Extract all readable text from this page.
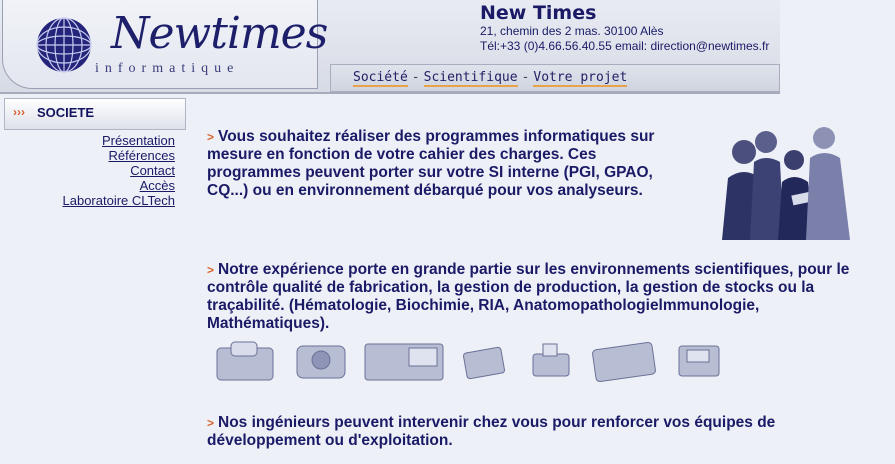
Newtimes
informatique
New Times
21, chemin des 2 mas. 30100 Alès
Tél:+33 (0)4.66.56.40.55 email: direction@newtimes.fr
Société - Scientifique - Votre projet
››› SOCIETE
Présentation
Références
Contact
Accès
Laboratoire CLTech
> Vous souhaitez réaliser des programmes informatiques sur mesure en fonction de votre cahier des charges. Ces programmes peuvent porter sur votre SI interne (PGI, GPAO, CQ...) ou en environnement débarqué pour vos analyseurs.
> Notre expérience porte en grande partie sur les environnements scientifiques, pour le contrôle qualité de fabrication, la gestion de production, la gestion de stocks ou la traçabilité. (Hématologie, Biochimie, RIA, Anatomopathologielmmunologie, Mathématiques).
> Nos ingénieurs peuvent intervenir chez vous pour renforcer vos équipes de développement ou d'exploitation.
